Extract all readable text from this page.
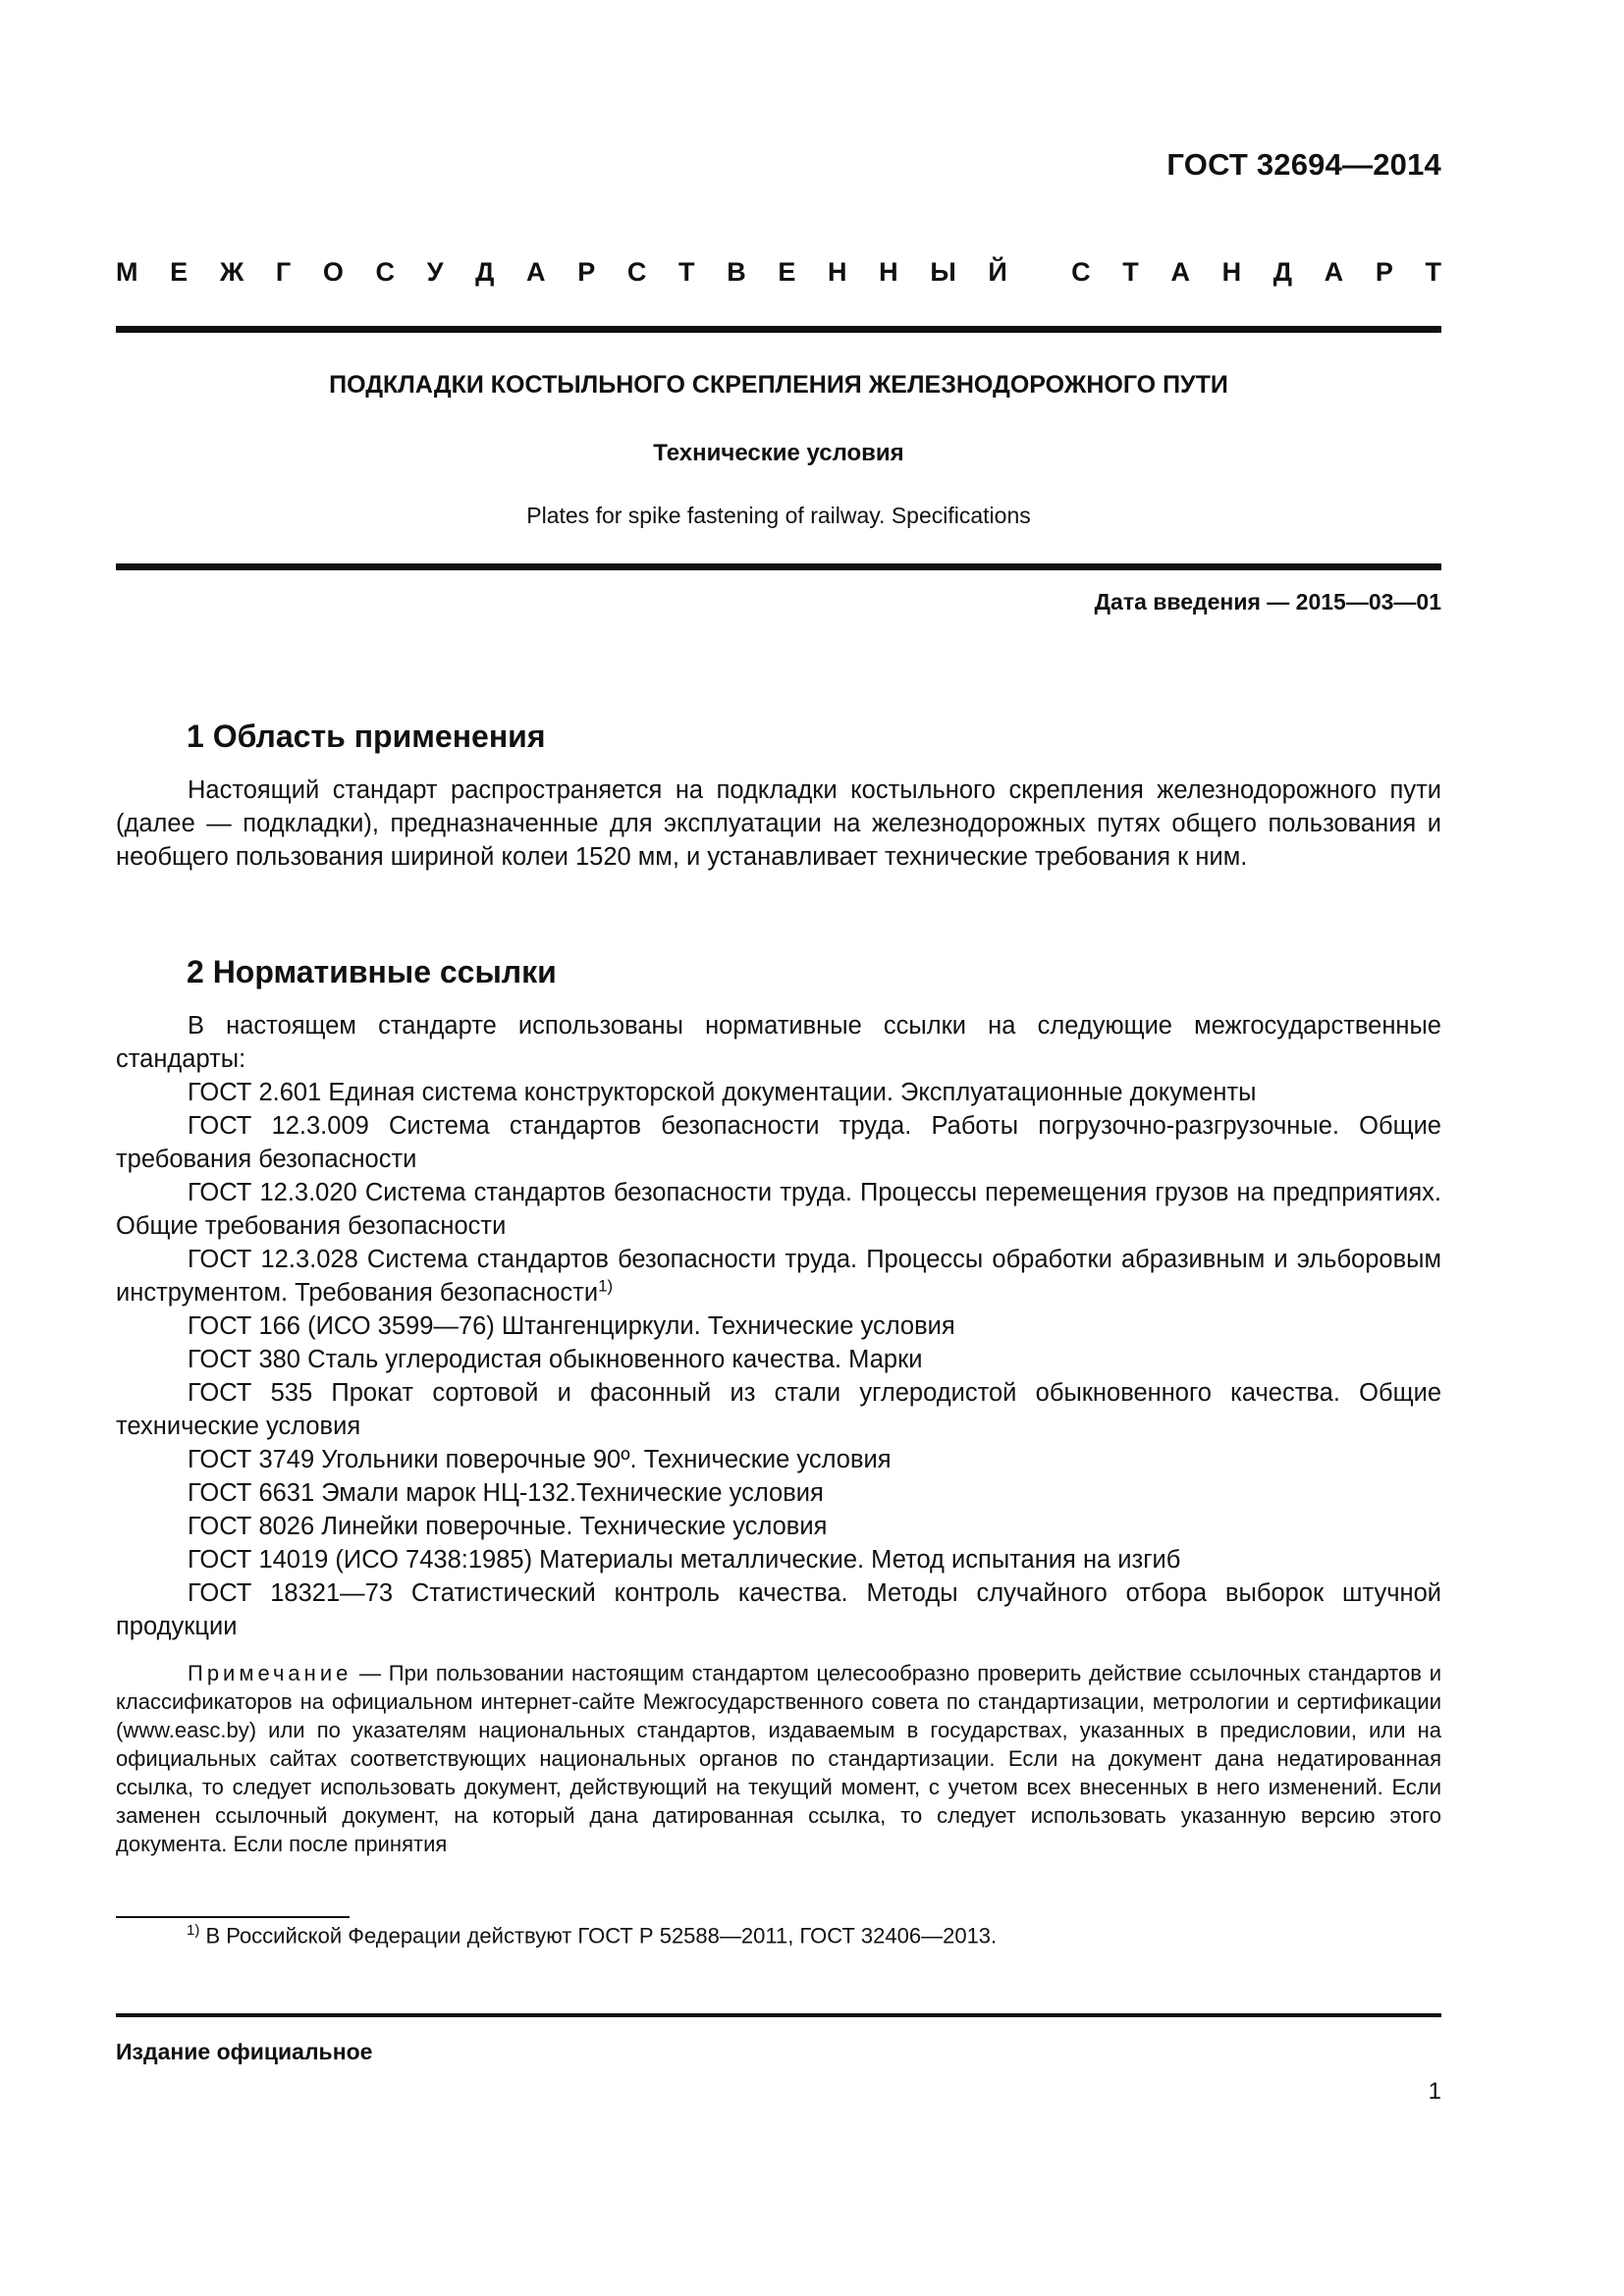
ГОСТ 32694—2014
М Е Ж Г О С У Д А Р С Т В Е Н Н Ы Й С Т А Н Д А Р Т
ПОДКЛАДКИ КОСТЫЛЬНОГО СКРЕПЛЕНИЯ ЖЕЛЕЗНОДОРОЖНОГО ПУТИ
Технические условия
Plates for spike fastening of railway. Specifications
Дата введения — 2015—03—01
1 Область применения

Настоящий стандарт распространяется на подкладки костыльного скрепления железнодорожного пути (далее — подкладки), предназначенные для эксплуатации на железнодорожных путях общего пользования и необщего пользования шириной колеи 1520 мм, и устанавливает технические требования к ним.

2 Нормативные ссылки

В настоящем стандарте использованы нормативные ссылки на следующие межгосударственные стандарты:

ГОСТ 2.601 Единая система конструкторской документации. Эксплуатационные документы

ГОСТ 12.3.009 Система стандартов безопасности труда. Работы погрузочно-разгрузочные. Общие требования безопасности

ГОСТ 12.3.020 Система стандартов безопасности труда. Процессы перемещения грузов на предприятиях. Общие требования безопасности

ГОСТ 12.3.028 Система стандартов безопасности труда. Процессы обработки абразивным и эльборовым инструментом. Требования безопасности$^{1)}$

ГОСТ 166 (ИСО 3599—76) Штангенциркули. Технические условия

ГОСТ 380 Сталь углеродистая обыкновенного качества. Марки

ГОСТ 535 Прокат сортовой и фасонный из стали углеродистой обыкновенного качества. Общие технические условия

ГОСТ 3749 Угольники поверочные 90º. Технические условия

ГОСТ 6631 Эмали марок НЦ-132.Технические условия

ГОСТ 8026 Линейки поверочные. Технические условия

ГОСТ 14019 (ИСО 7438:1985) Материалы металлические. Метод испытания на изгиб

ГОСТ 18321—73 Статистический контроль качества. Методы случайного отбора выборок штучной продукции

Примечание — При пользовании настоящим стандартом целесообразно проверить действие ссылочных стандартов и классификаторов на официальном интернет-сайте Межгосударственного совета по стандартизации, метрологии и сертификации (www.easc.by) или по указателям национальных стандартов, издаваемым в государствах, указанных в предисловии, или на официальных сайтах соответствующих национальных органов по стандартизации. Если на документ дана недатированная ссылка, то следует использовать документ, действующий на текущий момент, с учетом всех внесенных в него изменений. Если заменен ссылочный документ, на который дана датированная ссылка, то следует использовать указанную версию этого документа. Если после принятия
$^{1)}$ В Российской Федерации действуют ГОСТ Р 52588—2011, ГОСТ 32406—2013.
Издание официальное
1
